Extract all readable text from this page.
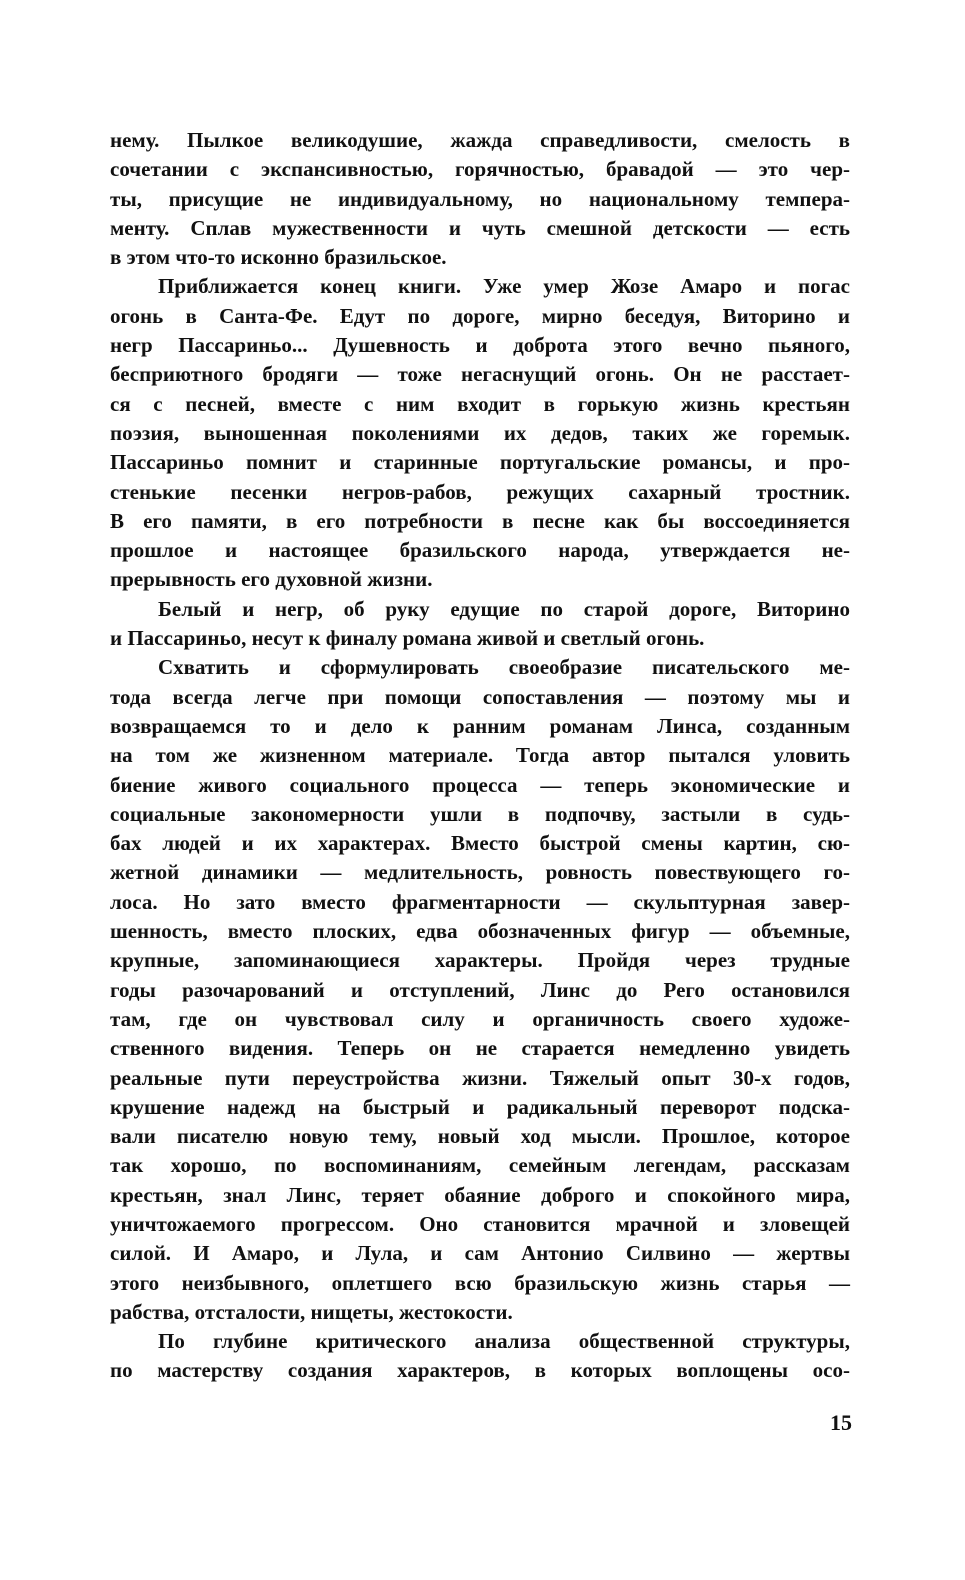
нему. Пылкое великодушие, жажда справедливости, смелость в
сочетании с экспансивностью, горячностью, бравадой — это чер-
ты, присущие не индивидуальному, но национальному темпера-
менту. Сплав мужественности и чуть смешной детскости — есть
в этом что-то исконно бразильское.
Приближается конец книги. Уже умер Жозе Амаро и погас
огонь в Санта-Фе. Едут по дороге, мирно беседуя, Виторино и
негр Пассариньо... Душевность и доброта этого вечно пьяного,
бесприютного бродяги — тоже негаснущий огонь. Он не расстает-
ся с песней, вместе с ним входит в горькую жизнь крестьян
поэзия, выношенная поколениями их дедов, таких же горемык.
Пассариньо помнит и старинные португальские романсы, и про-
стенькие песенки негров-рабов, режущих сахарный тростник.
В его памяти, в его потребности в песне как бы воссоединяется
прошлое и настоящее бразильского народа, утверждается не-
прерывность его духовной жизни.
Белый и негр, об руку едущие по старой дороге, Виторино
и Пассариньо, несут к финалу романа живой и светлый огонь.
Схватить и сформулировать своеобразие писательского ме-
тода всегда легче при помощи сопоставления — поэтому мы и
возвращаемся то и дело к ранним романам Линса, созданным
на том же жизненном материале. Тогда автор пытался уловить
биение живого социального процесса — теперь экономические и
социальные закономерности ушли в подпочву, застыли в судь-
бах людей и их характерах. Вместо быстрой смены картин, сю-
жетной динамики — медлительность, ровность повествующего го-
лоса. Но зато вместо фрагментарности — скульптурная завер-
шенность, вместо плоских, едва обозначенных фигур — объемные,
крупные, запоминающиеся характеры. Пройдя через трудные
годы разочарований и отступлений, Линс до Рего остановился
там, где он чувствовал силу и органичность своего художе-
ственного видения. Теперь он не старается немедленно увидеть
реальные пути переустройства жизни. Тяжелый опыт 30-х годов,
крушение надежд на быстрый и радикальный переворот подска-
вали писателю новую тему, новый ход мысли. Прошлое, которое
так хорошо, по воспоминаниям, семейным легендам, рассказам
крестьян, знал Линс, теряет обаяние доброго и спокойного мира,
уничтожаемого прогрессом. Оно становится мрачной и зловещей
силой. И Амаро, и Лула, и сам Антонио Силвино — жертвы
этого неизбывного, оплетшего всю бразильскую жизнь старья —
рабства, отсталости, нищеты, жестокости.
По глубине критического анализа общественной структуры,
по мастерству создания характеров, в которых воплощены осо-
15
